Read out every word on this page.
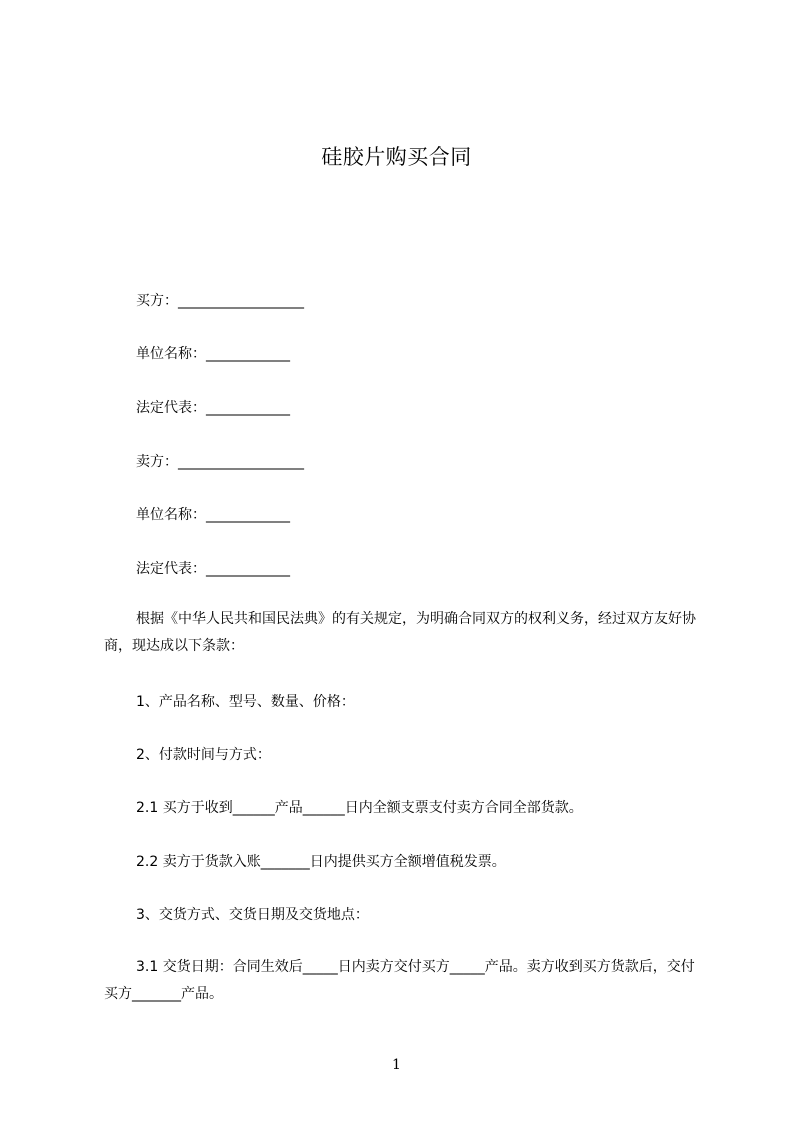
硅胶片购买合同
买方：__________________
单位名称：____________
法定代表：____________
卖方：__________________
单位名称：____________
法定代表：____________
根据《中华人民共和国民法典》的有关规定，为明确合同双方的权利义务，经过双方友好协商，现达成以下条款：
1、产品名称、型号、数量、价格：
2、付款时间与方式：
2.1 买方于收到______产品______日内全额支票支付卖方合同全部货款。
2.2 卖方于货款入账_______日内提供买方全额增值税发票。
3、交货方式、交货日期及交货地点：
3.1 交货日期：合同生效后_____日内卖方交付买方_____产品。卖方收到买方货款后，交付买方_______产品。
1
